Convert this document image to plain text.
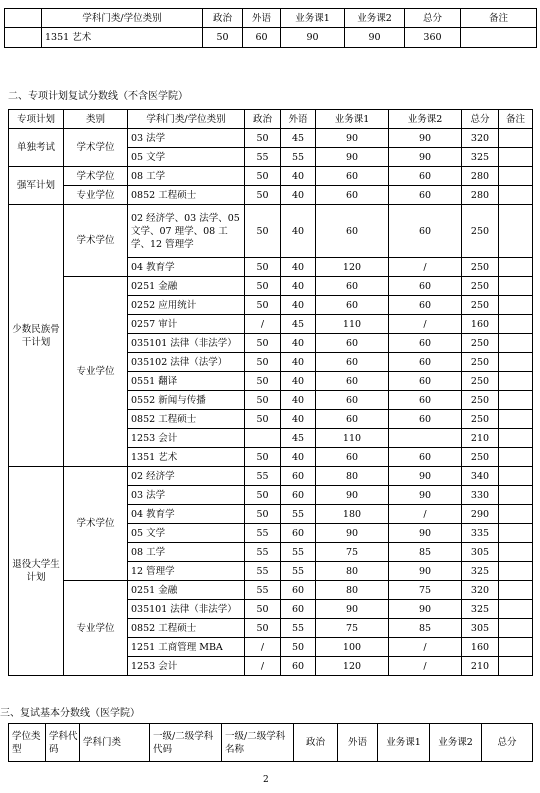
	学科门类/学位类别	政治	外语	业务课1	业务课2	总分	备注
	1351 艺术	50	60	90	90	360	
二、专项计划复试分数线（不含医学院）
专项计划	类别	学科门类/学位类别	政治	外语	业务课1	业务课2	总分	备注
单独考试	学术学位	03 法学	50	45	90	90	320	
		05 文学	55	55	90	90	325	
强军计划	学术学位	08 工学	50	40	60	60	280	
	专业学位	0852 工程硕士	50	40	60	60	280	
少数民族骨干计划	学术学位	02 经济学、03 法学、05 文学、07 理学、08 工学、12 管理学	50	40	60	60	250	
		04 教育学	50	40	120	/	250	
	专业学位	0251 金融	50	40	60	60	250	
		0252 应用统计	50	40	60	60	250	
		0257 审计	/	45	110	/	160	
		035101 法律（非法学）	50	40	60	60	250	
		035102 法律（法学）	50	40	60	60	250	
		0551 翻译	50	40	60	60	250	
		0552 新闻与传播	50	40	60	60	250	
		0852 工程硕士	50	40	60	60	250	
		1253 会计		45	110		210	
		1351 艺术	50	40	60	60	250	
退役大学生计划	学术学位	02 经济学	55	60	80	90	340	
		03 法学	50	60	90	90	330	
		04 教育学	50	55	180	/	290	
		05 文学	55	60	90	90	335	
		08 工学	55	55	75	85	305	
		12 管理学	55	55	80	90	325	
	专业学位	0251 金融	55	60	80	75	320	
		035101 法律（非法学）	50	60	90	90	325	
		0852 工程硕士	50	55	75	85	305	
		1251 工商管理 MBA	/	50	100	/	160	
		1253 会计	/	60	120	/	210	
三、复试基本分数线（医学院）
学位类型	学科代码	学科门类	一级/二级学科代码	一级/二级学科名称	政治	外语	业务课1	业务课2	总分
2
